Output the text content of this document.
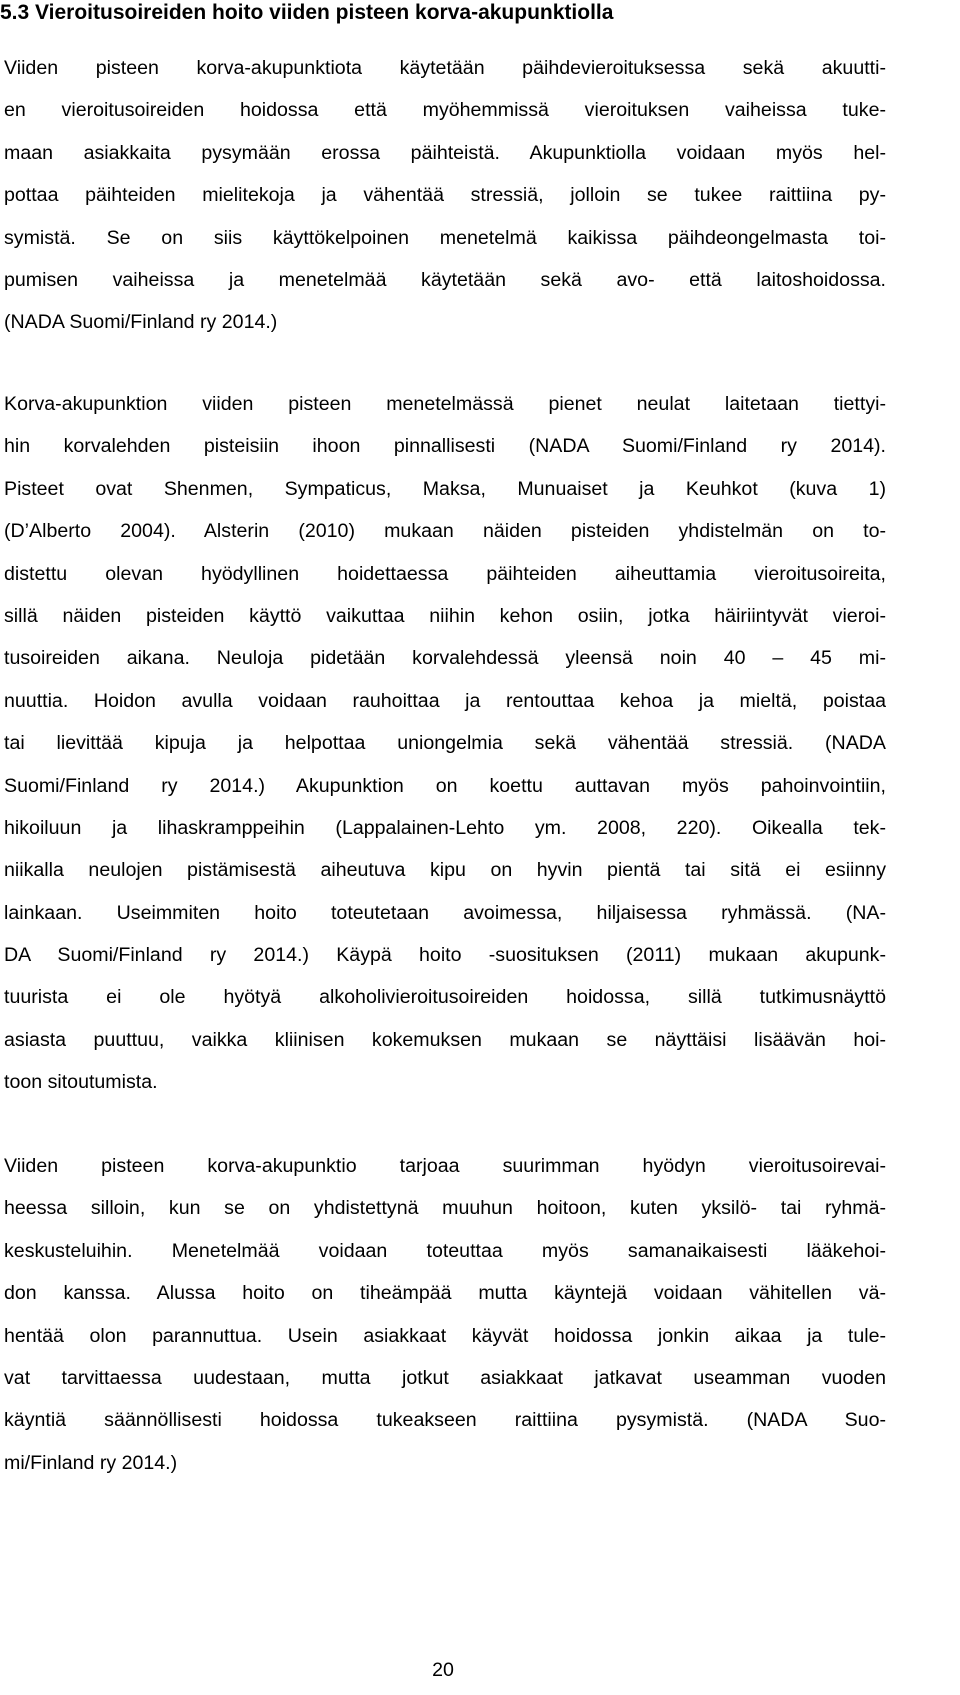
5.3 Vieroitusoireiden hoito viiden pisteen korva-akupunktiolla
Viiden pisteen korva-akupunktiota käytetään päihdevieroituksessa sekä akuutti-
en vieroitusoireiden hoidossa että myöhemmissä vieroituksen vaiheissa tuke-
maan asiakkaita pysymään erossa päihteistä. Akupunktiolla voidaan myös hel-
pottaa päihteiden mielitekoja ja vähentää stressiä, jolloin se tukee raittiina py-
symistä. Se on siis käyttökelpoinen menetelmä kaikissa päihdeongelmasta toi-
pumisen vaiheissa ja menetelmää käytetään sekä avo- että laitoshoidossa.
(NADA Suomi/Finland ry 2014.)
Korva-akupunktion viiden pisteen menetelmässä pienet neulat laitetaan tiettyi-
hin korvalehden pisteisiin ihoon pinnallisesti (NADA Suomi/Finland ry 2014).
Pisteet ovat Shenmen, Sympaticus, Maksa, Munuaiset ja Keuhkot (kuva 1)
(D’Alberto 2004). Alsterin (2010) mukaan näiden pisteiden yhdistelmän on to-
distettu olevan hyödyllinen hoidettaessa päihteiden aiheuttamia vieroitusoireita,
sillä näiden pisteiden käyttö vaikuttaa niihin kehon osiin, jotka häiriintyvät vieroi-
tusoireiden aikana. Neuloja pidetään korvalehdessä yleensä noin 40 – 45 mi-
nuuttia. Hoidon avulla voidaan rauhoittaa ja rentouttaa kehoa ja mieltä, poistaa
tai lievittää kipuja ja helpottaa uniongelmia sekä vähentää stressiä. (NADA
Suomi/Finland ry 2014.) Akupunktion on koettu auttavan myös pahoinvointiin,
hikoiluun ja lihaskramppeihin (Lappalainen-Lehto ym. 2008, 220). Oikealla tek-
niikalla neulojen pistämisestä aiheutuva kipu on hyvin pientä tai sitä ei esiinny
lainkaan. Useimmiten hoito toteutetaan avoimessa, hiljaisessa ryhmässä. (NA-
DA Suomi/Finland ry 2014.) Käypä hoito -suosituksen (2011) mukaan akupunk-
tuurista ei ole hyötyä alkoholivieroitusoireiden hoidossa, sillä tutkimusnäyttö
asiasta puuttuu, vaikka kliinisen kokemuksen mukaan se näyttäisi lisäävän hoi-
toon sitoutumista.
Viiden pisteen korva-akupunktio tarjoaa suurimman hyödyn vieroitusoirevai-
heessa silloin, kun se on yhdistettynä muuhun hoitoon, kuten yksilö- tai ryhmä-
keskusteluihin. Menetelmää voidaan toteuttaa myös samanaikaisesti lääkehoi-
don kanssa. Alussa hoito on tiheämpää mutta käyntejä voidaan vähitellen vä-
hentää olon parannuttua. Usein asiakkaat käyvät hoidossa jonkin aikaa ja tule-
vat tarvittaessa uudestaan, mutta jotkut asiakkaat jatkavat useamman vuoden
käyntiä säännöllisesti hoidossa tukeakseen raittiina pysymistä. (NADA Suo-
mi/Finland ry 2014.)
20
